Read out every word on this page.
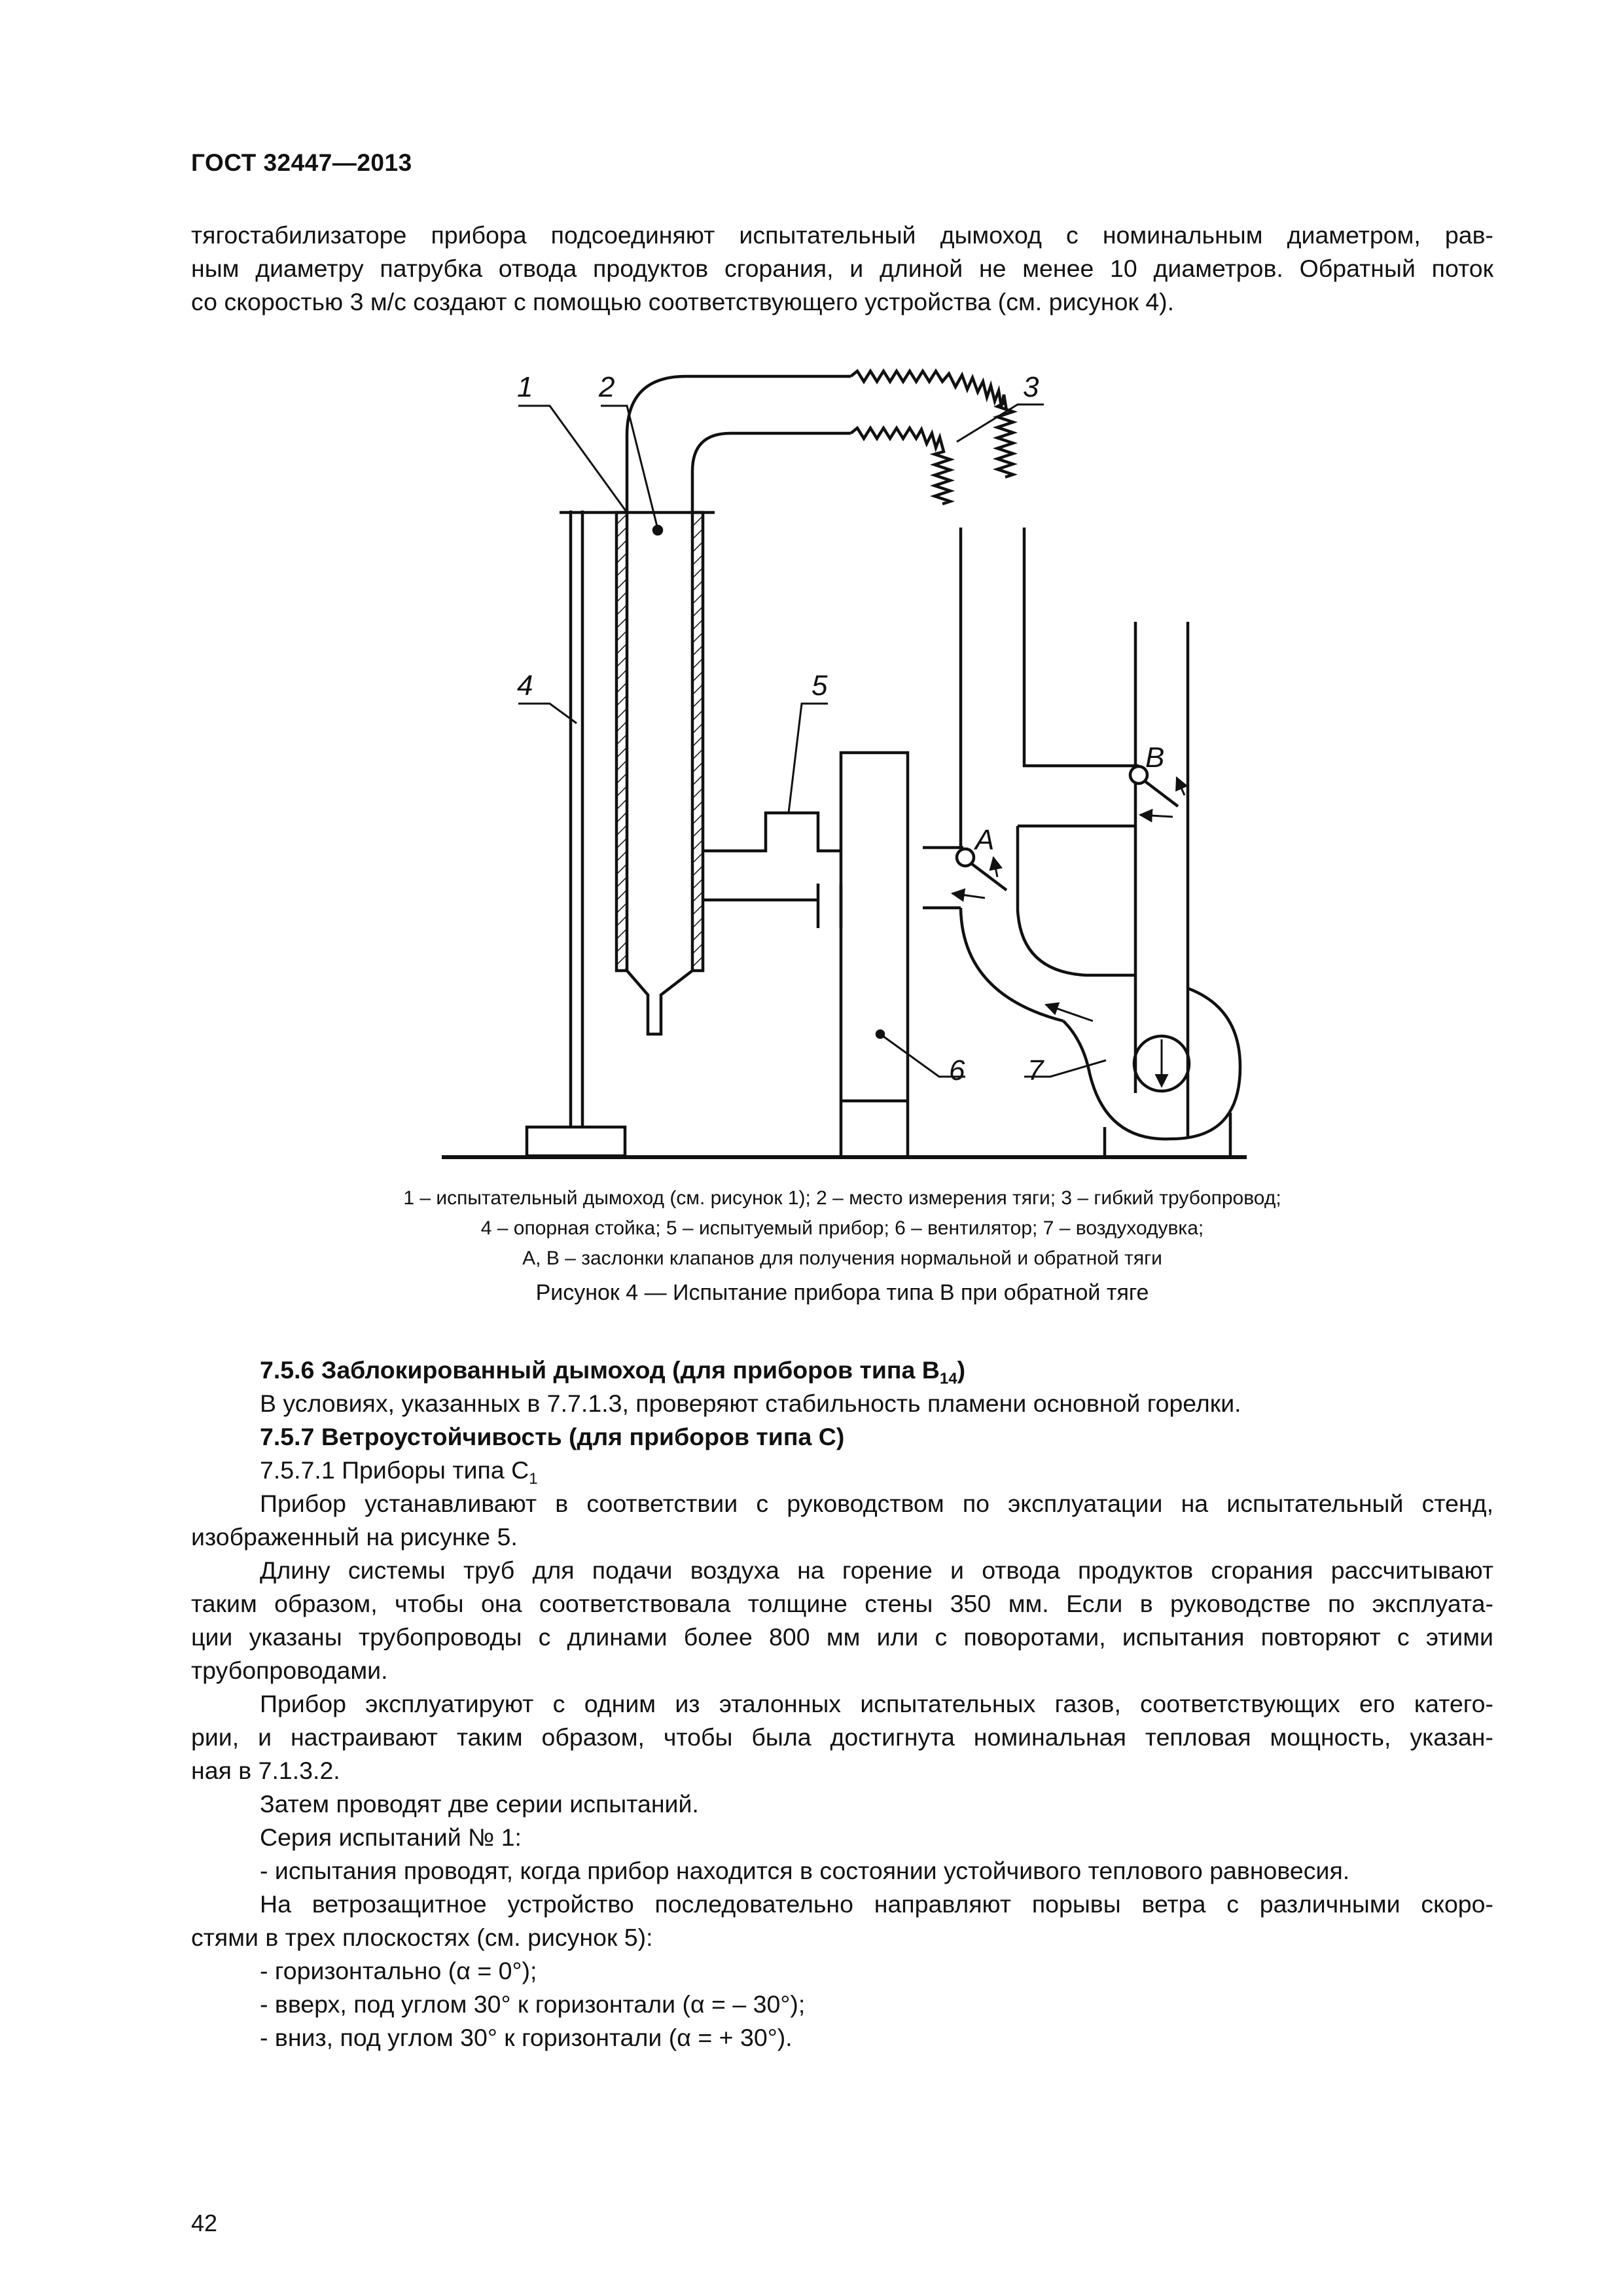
ГОСТ 32447—2013
тягостабилизаторе прибора подсоединяют испытательный дымоход с номинальным диаметром, рав-
ным диаметру патрубка отвода продуктов сгорания, и длиной не менее 10 диаметров. Обратный поток
со скоростью 3 м/с создают с помощью соответствующего устройства (см. рисунок 4).
1 2	3
4	5
6 7
A
B
1 – испытательный дымоход (см. рисунок 1); 2 – место измерения тяги; 3 – гибкий трубопровод;
4 – опорная стойка; 5 – испытуемый прибор; 6 – вентилятор; 7 – воздуходувка;
А, В – заслонки клапанов для получения нормальной и обратной тяги
Рисунок 4 — Испытание прибора типа В при обратной тяге
7.5.6 Заблокированный дымоход (для приборов типа $В_{14}$)
В условиях, указанных в 7.7.1.3, проверяют стабильность пламени основной горелки.
7.5.7 Ветроустойчивость (для приборов типа С)
7.5.7.1 Приборы типа $С_1$
Прибор устанавливают в соответствии с руководством по эксплуатации на испытательный стенд,
изображенный на рисунке 5.
Длину системы труб для подачи воздуха на горение и отвода продуктов сгорания рассчитывают
таким образом, чтобы она соответствовала толщине стены 350 мм. Если в руководстве по эксплуата-
ции указаны трубопроводы с длинами более 800 мм или с поворотами, испытания повторяют с этими
трубопроводами.
Прибор эксплуатируют с одним из эталонных испытательных газов, соответствующих его катего-
рии, и настраивают таким образом, чтобы была достигнута номинальная тепловая мощность, указан-
ная в 7.1.3.2.
Затем проводят две серии испытаний.
Серия испытаний № 1:
- испытания проводят, когда прибор находится в состоянии устойчивого теплового равновесия.
На ветрозащитное устройство последовательно направляют порывы ветра с различными скоро-
стями в трех плоскостях (см. рисунок 5):
- горизонтально (α = 0°);
- вверх, под углом 30° к горизонтали (α = – 30°);
- вниз, под углом 30° к горизонтали (α = + 30°).
42
